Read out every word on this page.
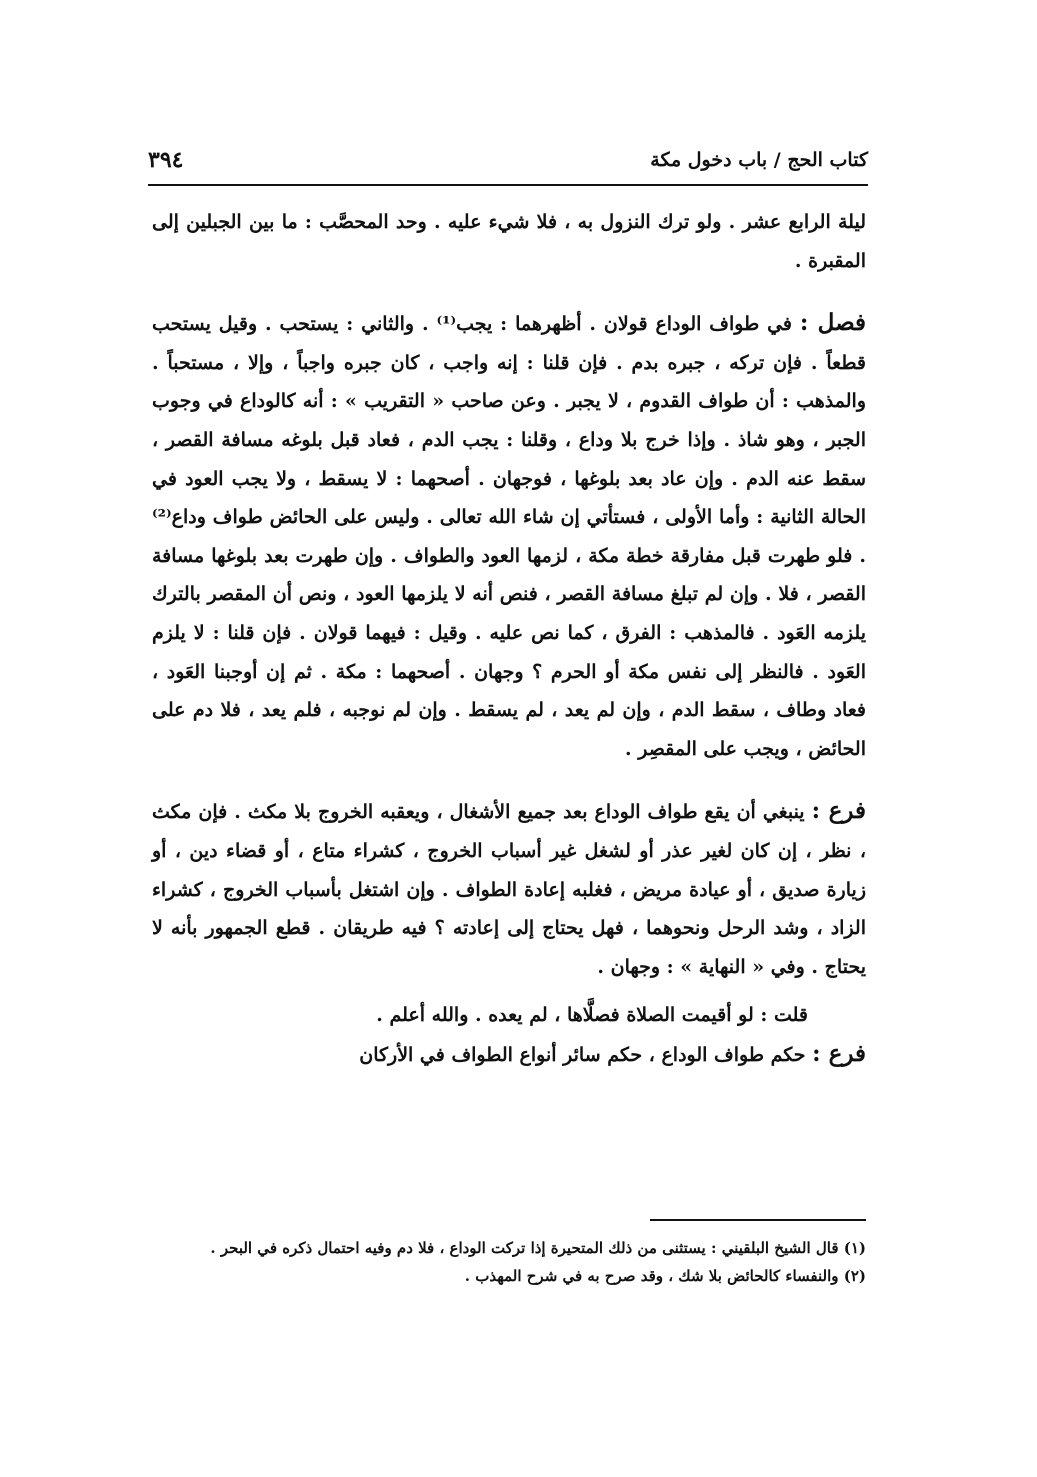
كتاب الحج / باب دخول مكة
٣٩٤

ليلة الرابع عشر . ولو ترك النزول به ، فلا شيء عليه . وحد المحصَّب : ما بين الجبلين إلى المقبرة .

فصل : في طواف الوداع قولان . أظهرهما : يجب⁽¹⁾ . والثاني : يستحب . وقيل يستحب قطعاً . فإن تركه ، جبره بدم . فإن قلنا : إنه واجب ، كان جبره واجباً ، وإلا ، مستحباً . والمذهب : أن طواف القدوم ، لا يجبر . وعن صاحب « التقريب » : أنه كالوداع في وجوب الجبر ، وهو شاذ . وإذا خرج بلا وداع ، وقلنا : يجب الدم ، فعاد قبل بلوغه مسافة القصر ، سقط عنه الدم . وإن عاد بعد بلوغها ، فوجهان . أصحهما : لا يسقط ، ولا يجب العود في الحالة الثانية : وأما الأولى ، فستأتي إن شاء الله تعالى . وليس على الحائض طواف وداع⁽²⁾ . فلو طهرت قبل مفارقة خطة مكة ، لزمها العود والطواف . وإن طهرت بعد بلوغها مسافة القصر ، فلا . وإن لم تبلغ مسافة القصر ، فنص أنه لا يلزمها العود ، ونص أن المقصر بالترك يلزمه العَود . فالمذهب : الفرق ، كما نص عليه . وقيل : فيهما قولان . فإن قلنا : لا يلزم العَود . فالنظر إلى نفس مكة أو الحرم ؟ وجهان . أصحهما : مكة . ثم إن أوجبنا العَود ، فعاد وطاف ، سقط الدم ، وإن لم يعد ، لم يسقط . وإن لم نوجبه ، فلم يعد ، فلا دم على الحائض ، ويجب على المقصِر .

فرع : ينبغي أن يقع طواف الوداع بعد جميع الأشغال ، ويعقبه الخروج بلا مكث . فإن مكث ، نظر ، إن كان لغير عذر أو لشغل غير أسباب الخروج ، كشراء متاع ، أو قضاء دين ، أو زيارة صديق ، أو عيادة مريض ، فغلبه إعادة الطواف . وإن اشتغل بأسباب الخروج ، كشراء الزاد ، وشد الرحل ونحوهما ، فهل يحتاج إلى إعادته ؟ فيه طريقان . قطع الجمهور بأنه لا يحتاج . وفي « النهاية » : وجهان .

قلت : لو أقيمت الصلاة فصلَّاها ، لم يعده . والله أعلم .

فرع : حكم طواف الوداع ، حكم سائر أنواع الطواف في الأركان

(١) قال الشيخ البلقيني : يستثنى من ذلك المتحيرة إذا تركت الوداع ، فلا دم وفيه احتمال ذكره في البحر .

(٢) والنفساء كالحائض بلا شك ، وقد صرح به في شرح المهذب .
